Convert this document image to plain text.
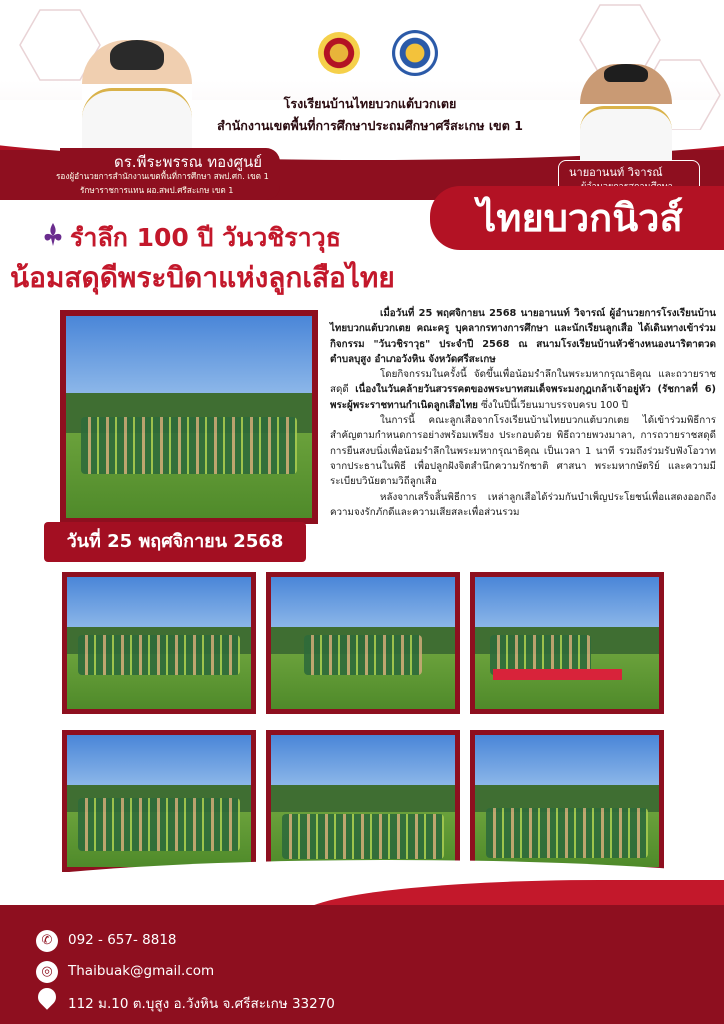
โรงเรียนบ้านไทยบวกแต้บวกเตย
สำนักงานเขตพื้นที่การศึกษาประถมศึกษาศรีสะเกษ เขต 1
ปีที่ 6 ฉบับที่ 46
ดร.พีระพรรณ ทองศูนย์
รองผู้อำนวยการสำนักงานเขตพื้นที่การศึกษา สพป.ศก. เขต 1
รักษาราชการแทน ผอ.สพป.ศรีสะเกษ เขต 1
นายอานนท์ วิจารณ์
ไทยบวกนิวส์
รำลึก 100 ปี วันวชิราวุธ
น้อมสดุดีพระบิดาแห่งลูกเสือไทย
วันที่ 25 พฤศจิกายน 2568

เมื่อวันที่ 25 พฤศจิกายน 2568 นายอานนท์ วิจารณ์ ผู้อำนวยการโรงเรียนบ้านไทยบวกแต้บวกเตย คณะครู บุคลากรทางการศึกษา และนักเรียนลูกเสือ ได้เดินทางเข้าร่วมกิจกรรม "วันวชิราวุธ" ประจำปี 2568 ณ สนามโรงเรียนบ้านหัวช้างหนองนาริตาตวด ตำบลบุสูง อำเภอวังหิน จังหวัดศรีสะเกษ

โดยกิจกรรมในครั้งนี้ จัดขึ้นเพื่อน้อมรำลึกในพระมหากรุณาธิคุณ และถวายราชสดุดี เนื่องในวันคล้ายวันสวรรคตของพระบาทสมเด็จพระมงกุฎเกล้าเจ้าอยู่หัว (รัชกาลที่ 6) พระผู้พระราชทานกำเนิดลูกเสือไทย ซึ่งในปีนี้เวียนมาบรรจบครบ 100 ปี

ในการนี้ คณะลูกเสือจากโรงเรียนบ้านไทยบวกแต้บวกเตย ได้เข้าร่วมพิธีการสำคัญตามกำหนดการอย่างพร้อมเพรียง ประกอบด้วย พิธีถวายพวงมาลา, การถวายราชสดุดี การยืนสงบนิ่งเพื่อน้อมรำลึกในพระมหากรุณาธิคุณ เป็นเวลา 1 นาที รวมถึงร่วมรับฟังโอวาทจากประธานในพิธี เพื่อปลูกฝังจิตสำนึกความรักชาติ ศาสนา พระมหากษัตริย์ และความมีระเบียบวินัยตามวิถีลูกเสือ

หลังจากเสร็จสิ้นพิธีการ เหล่าลูกเสือได้ร่วมกันบำเพ็ญประโยชน์เพื่อแสดงออกถึงความจงรักภักดีและความเสียสละเพื่อส่วนรวม

✆	092 - 657- 8818
◎	Thaibuak@gmail.com
112 ม.10 ต.บุสูง อ.วังหิน จ.ศรีสะเกษ 33270
